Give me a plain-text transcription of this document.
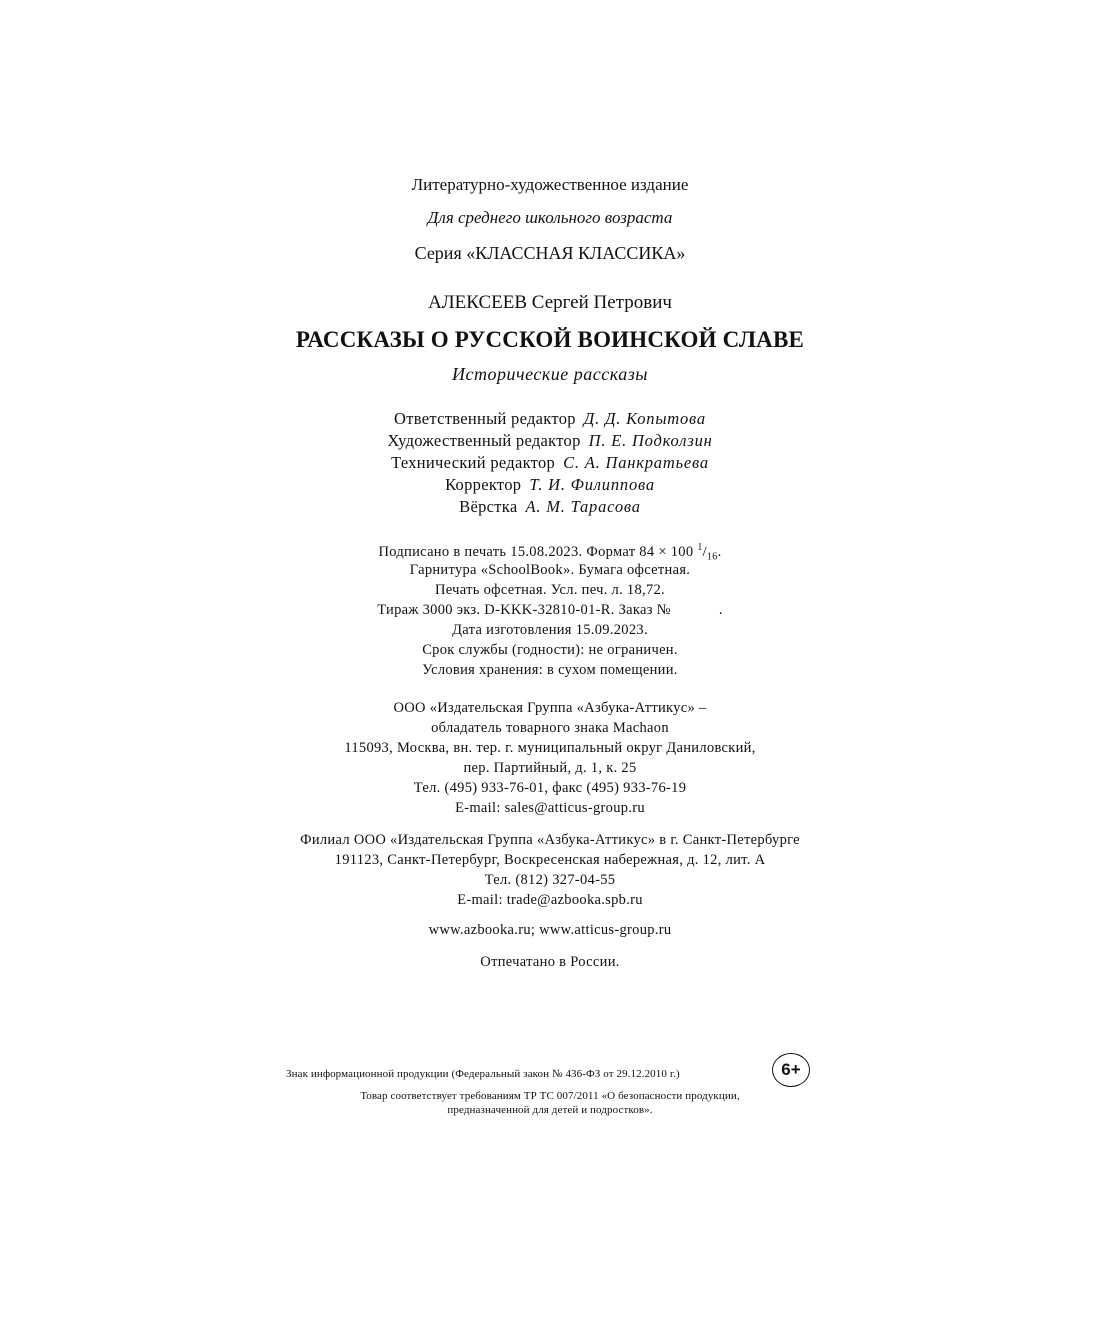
Литературно-художественное издание
Для среднего школьного возраста
Серия «КЛАССНАЯ КЛАССИКА»
АЛЕКСЕЕВ Сергей Петрович
РАССКАЗЫ О РУССКОЙ ВОИНСКОЙ СЛАВЕ
Исторические рассказы
Ответственный редактор Д. Д. Копытова
Художественный редактор П. Е. Подколзин
Технический редактор С. А. Панкратьева
Корректор Т. И. Филиппова
Вёрстка А. М. Тарасова
Подписано в печать 15.08.2023. Формат 84 × 100 $^1/_{16}$.
Гарнитура «SchoolBook». Бумага офсетная.
Печать офсетная. Усл. печ. л. 18,72.
Тираж 3000 экз. D-KKK-32810-01-R. Заказ №	.
Дата изготовления 15.09.2023.
Срок службы (годности): не ограничен.
Условия хранения: в сухом помещении.
ООО «Издательская Группа «Азбука-Аттикус» –
обладатель товарного знака Machaon
115093, Москва, вн. тер. г. муниципальный округ Даниловский,
пер. Партийный, д. 1, к. 25
Тел. (495) 933-76-01, факс (495) 933-76-19
E-mail: sales@atticus-group.ru
Филиал ООО «Издательская Группа «Азбука-Аттикус» в г. Санкт-Петербурге
191123, Санкт-Петербург, Воскресенская набережная, д. 12, лит. А
Тел. (812) 327-04-55
E-mail: trade@azbooka.spb.ru
www.azbooka.ru; www.atticus-group.ru
Отпечатано в России.
Знак информационной продукции (Федеральный закон № 436-ФЗ от 29.12.2010 г.)	6+
Товар соответствует требованиям ТР ТС 007/2011 «О безопасности продукции,
предназначенной для детей и подростков».
